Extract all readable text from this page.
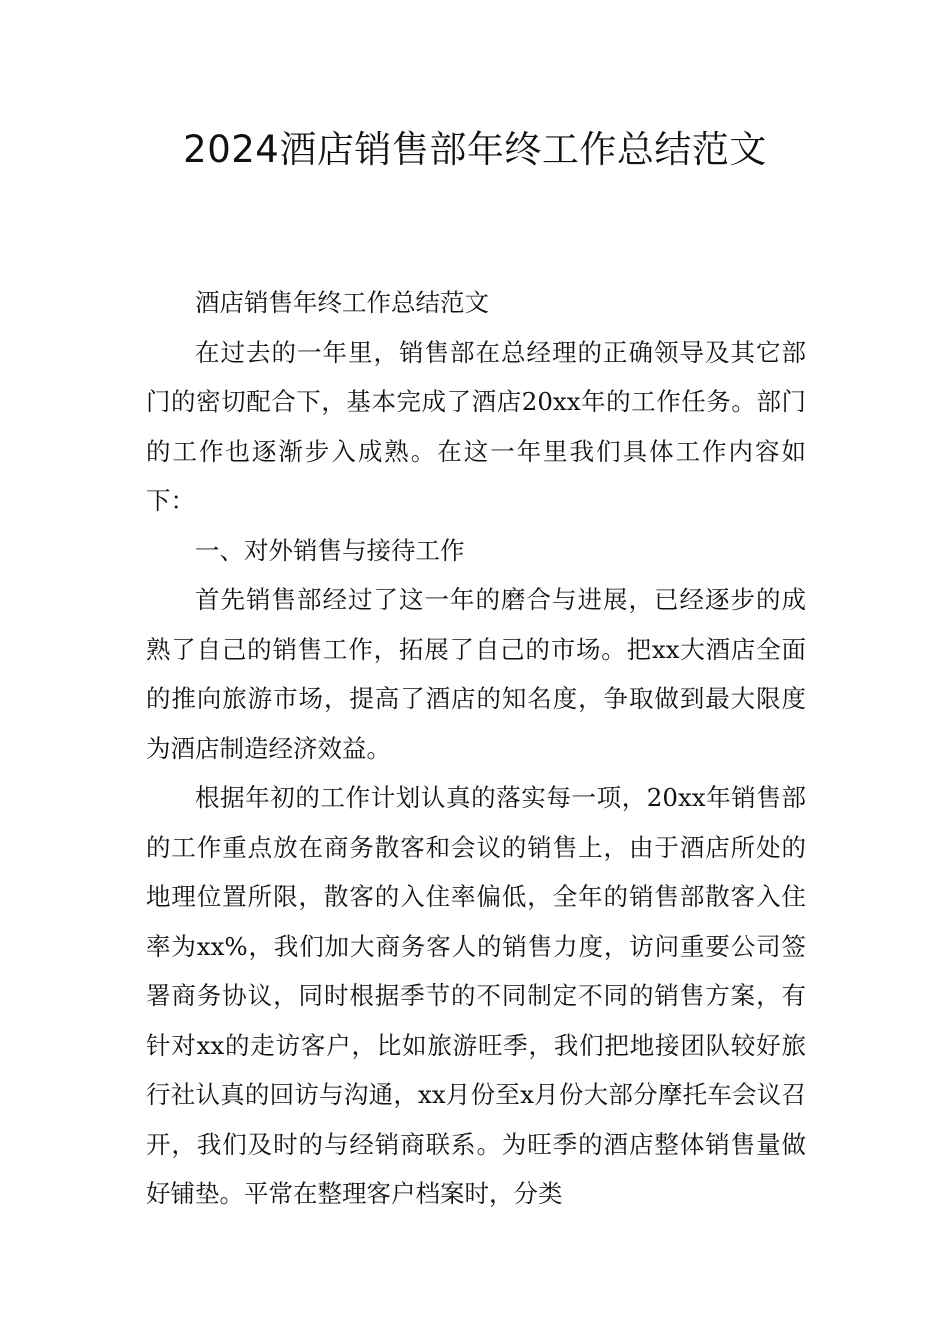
2024酒店销售部年终工作总结范文

酒店销售年终工作总结范文

在过去的一年里，销售部在总经理的正确领导及其它部门的密切配合下，基本完成了酒店20xx年的工作任务。部门的工作也逐渐步入成熟。在这一年里我们具体工作内容如下：

一、对外销售与接待工作

首先销售部经过了这一年的磨合与进展，已经逐步的成熟了自己的销售工作，拓展了自己的市场。把xx大酒店全面的推向旅游市场，提高了酒店的知名度，争取做到最大限度为酒店制造经济效益。

根据年初的工作计划认真的落实每一项，20xx年销售部的工作重点放在商务散客和会议的销售上，由于酒店所处的地理位置所限，散客的入住率偏低，全年的销售部散客入住率为xx%，我们加大商务客人的销售力度，访问重要公司签署商务协议，同时根据季节的不同制定不同的销售方案，有针对xx的走访客户，比如旅游旺季，我们把地接团队较好旅行社认真的回访与沟通，xx月份至x月份大部分摩托车会议召开，我们及时的与经销商联系。为旺季的酒店整体销售量做好铺垫。平常在整理客户档案时，分类
